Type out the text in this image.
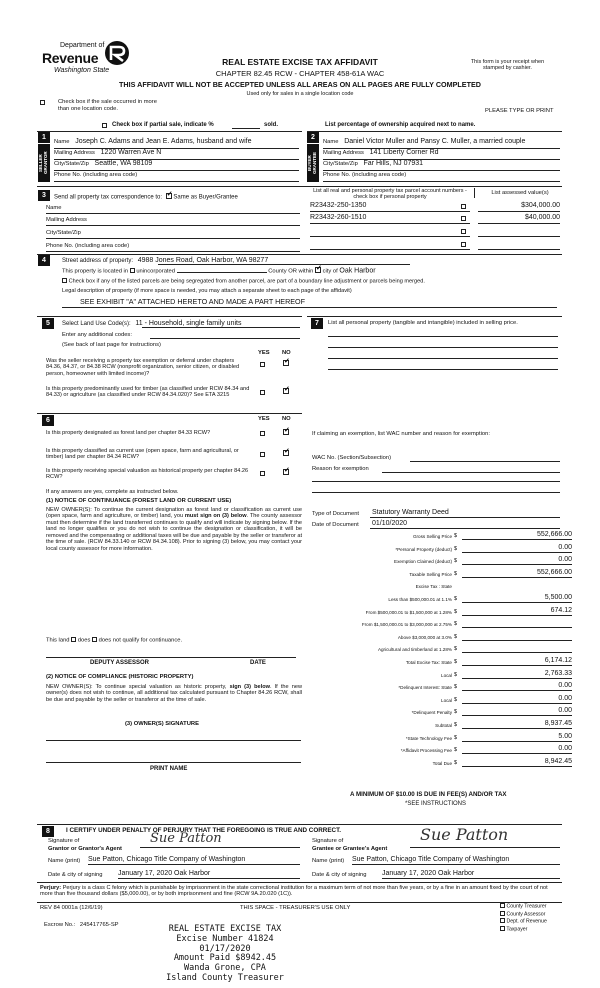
Department of
Revenue
Washington State
REAL ESTATE EXCISE TAX AFFIDAVIT
CHAPTER 82.45 RCW - CHAPTER 458-61A WAC
This form is your receipt when stamped by cashier.
THIS AFFIDAVIT WILL NOT BE ACCEPTED UNLESS ALL AREAS ON ALL PAGES ARE FULLY COMPLETED
Used only for sales in a single location code
Check box if the sale occurred in more than one location code.	PLEASE TYPE OR PRINT
Check box if partial sale, indicate %	sold.	List percentage of ownership acquired next to name.
1
SELLER GRANTOR
2
BUYER GRANTEE
Name Joseph C. Adams and Jean E. Adams, husband and wife
Mailing Address 1220 Warren Ave N
City/State/Zip Seattle, WA 98109
Phone No. (including area code)
Name Daniel Victor Muller and Pansy C. Muller, a married couple
Mailing Address 141 Liberty Corner Rd
City/State/Zip Far Hills, NJ 07931
Phone No. (including area code)
3	Send all property tax correspondence to: ✓ Same as Buyer/Grantee
Name
Mailing Address
City/State/Zip
Phone No. (including area code)
List all real and personal property tax parcel account numbers - check box if personal property
List assessed value(s)
R23432-250-1350	$304,000.00
R23432-260-1510	$40,000.00
4	Street address of property: 4988 Jones Road, Oak Harbor, WA 98277
This property is located in unincorporated	County OR within ✓ city of Oak Harbor
Check box if any of the listed parcels are being segregated from another parcel, are part of a boundary line adjustment or parcels being merged.
Legal description of property (if more space is needed, you may attach a separate sheet to each page of the affidavit)
SEE EXHIBIT "A" ATTACHED HERETO AND MADE A PART HEREOF
5	Select Land Use Code(s): 11 - Household, single family units
Enter any additional codes:
(See back of last page for instructions)
YES NO
Was the seller receiving a property tax exemption or deferral under chapters 84.36, 84.37, or 84.38 RCW (nonprofit organization, senior citizen, or disabled person, homeowner with limited income)?
✓
Is this property predominantly used for timber (as classified under RCW 84.34 and 84.33) or agriculture (as classified under RCW 84.34.020)? See ETA 3215
✓
6	YES NO
Is this property designated as forest land per chapter 84.33 RCW?
✓
Is this property classified as current use (open space, farm and agricultural, or timber) land per chapter 84.34 RCW?
✓
Is this property receiving special valuation as historical property per chapter 84.26 RCW?
✓
If any answers are yes, complete as instructed below.
(1) NOTICE OF CONTINUANCE (FOREST LAND OR CURRENT USE)
NEW OWNER(S): To continue the current designation as forest land or classification as current use (open space, farm and agriculture, or timber) land, you must sign on (3) below. The county assessor must then determine if the land transferred continues to qualify and will indicate by signing below. If the land no longer qualifies or you do not wish to continue the designation or classification, it will be removed and the compensating or additional taxes will be due and payable by the seller or transferor at the time of sale. (RCW 84.33.140 or RCW 84.34.108). Prior to signing (3) below, you may contact your local county assessor for more information.
This land does does not qualify for continuance.
DEPUTY ASSESSOR	DATE
(2) NOTICE OF COMPLIANCE (HISTORIC PROPERTY)
NEW OWNER(S): To continue special valuation as historic property, sign (3) below. If the new owner(s) does not wish to continue, all additional tax calculated pursuant to Chapter 84.26 RCW, shall be due and payable by the seller or transferor at the time of sale.
(3) OWNER(S) SIGNATURE
PRINT NAME
7	List all personal property (tangible and intangible) included in selling price.
If claiming an exemption, list WAC number and reason for exemption:
WAC No. (Section/Subsection)
Reason for exemption
Type of Document Statutory Warranty Deed
Date of Document 01/10/2020
Gross Selling Price $	552,666.00
*Personal Property (deduct) $	0.00
Exemption Claimed (deduct) $	0.00
Taxable Selling Price $	552,666.00
Excise Tax : State
Less than $500,000.01 at 1.1% $	5,500.00
From $500,000.01 to $1,500,000 at 1.28% $	674.12
From $1,500,000.01 to $3,000,000 at 2.75% $
Above $3,000,000 at 3.0% $
Agricultural and timberland at 1.28% $
Total Excise Tax: State $	6,174.12
Local $	2,763.33
*Delinquent Interest: State $	0.00
Local $	0.00
*Delinquent Penalty $	0.00
Subtotal $	8,937.45
*State Technology Fee $	5.00
*Affidavit Processing Fee $	0.00
Total Due $	8,942.45
A MINIMUM OF $10.00 IS DUE IN FEE(S) AND/OR TAX
*SEE INSTRUCTIONS
8	I CERTIFY UNDER PENALTY OF PERJURY THAT THE FOREGOING IS TRUE AND CORRECT.
Signature of
Grantor or Grantor's Agent
Sue Patton
Name (print) Sue Patton, Chicago Title Company of Washington
Date & city of signing January 17, 2020 Oak Harbor
Signature of
Grantee or Grantee's Agent
Sue Patton
Name (print) Sue Patton, Chicago Title Company of Washington
Date & city of signing January 17, 2020 Oak Harbor
Perjury: Perjury is a class C felony which is punishable by imprisonment in the state correctional institution for a maximum term of not more than five years, or by a fine in an amount fixed by the court of not more than five thousand dollars ($5,000.00), or by both imprisonment and fine (RCW 9A.20.020 (1C)).
REV 84 0001a (12/6/19)	THIS SPACE - TREASURER'S USE ONLY	County Treasurer
County Assessor
Dept. of Revenue
Taxpayer
Escrow No.: 245417765-SP	REAL ESTATE EXCISE TAX
Excise Number 41824
01/17/2020
Amount Paid $8942.45
Wanda Grone, CPA
Island County Treasurer
